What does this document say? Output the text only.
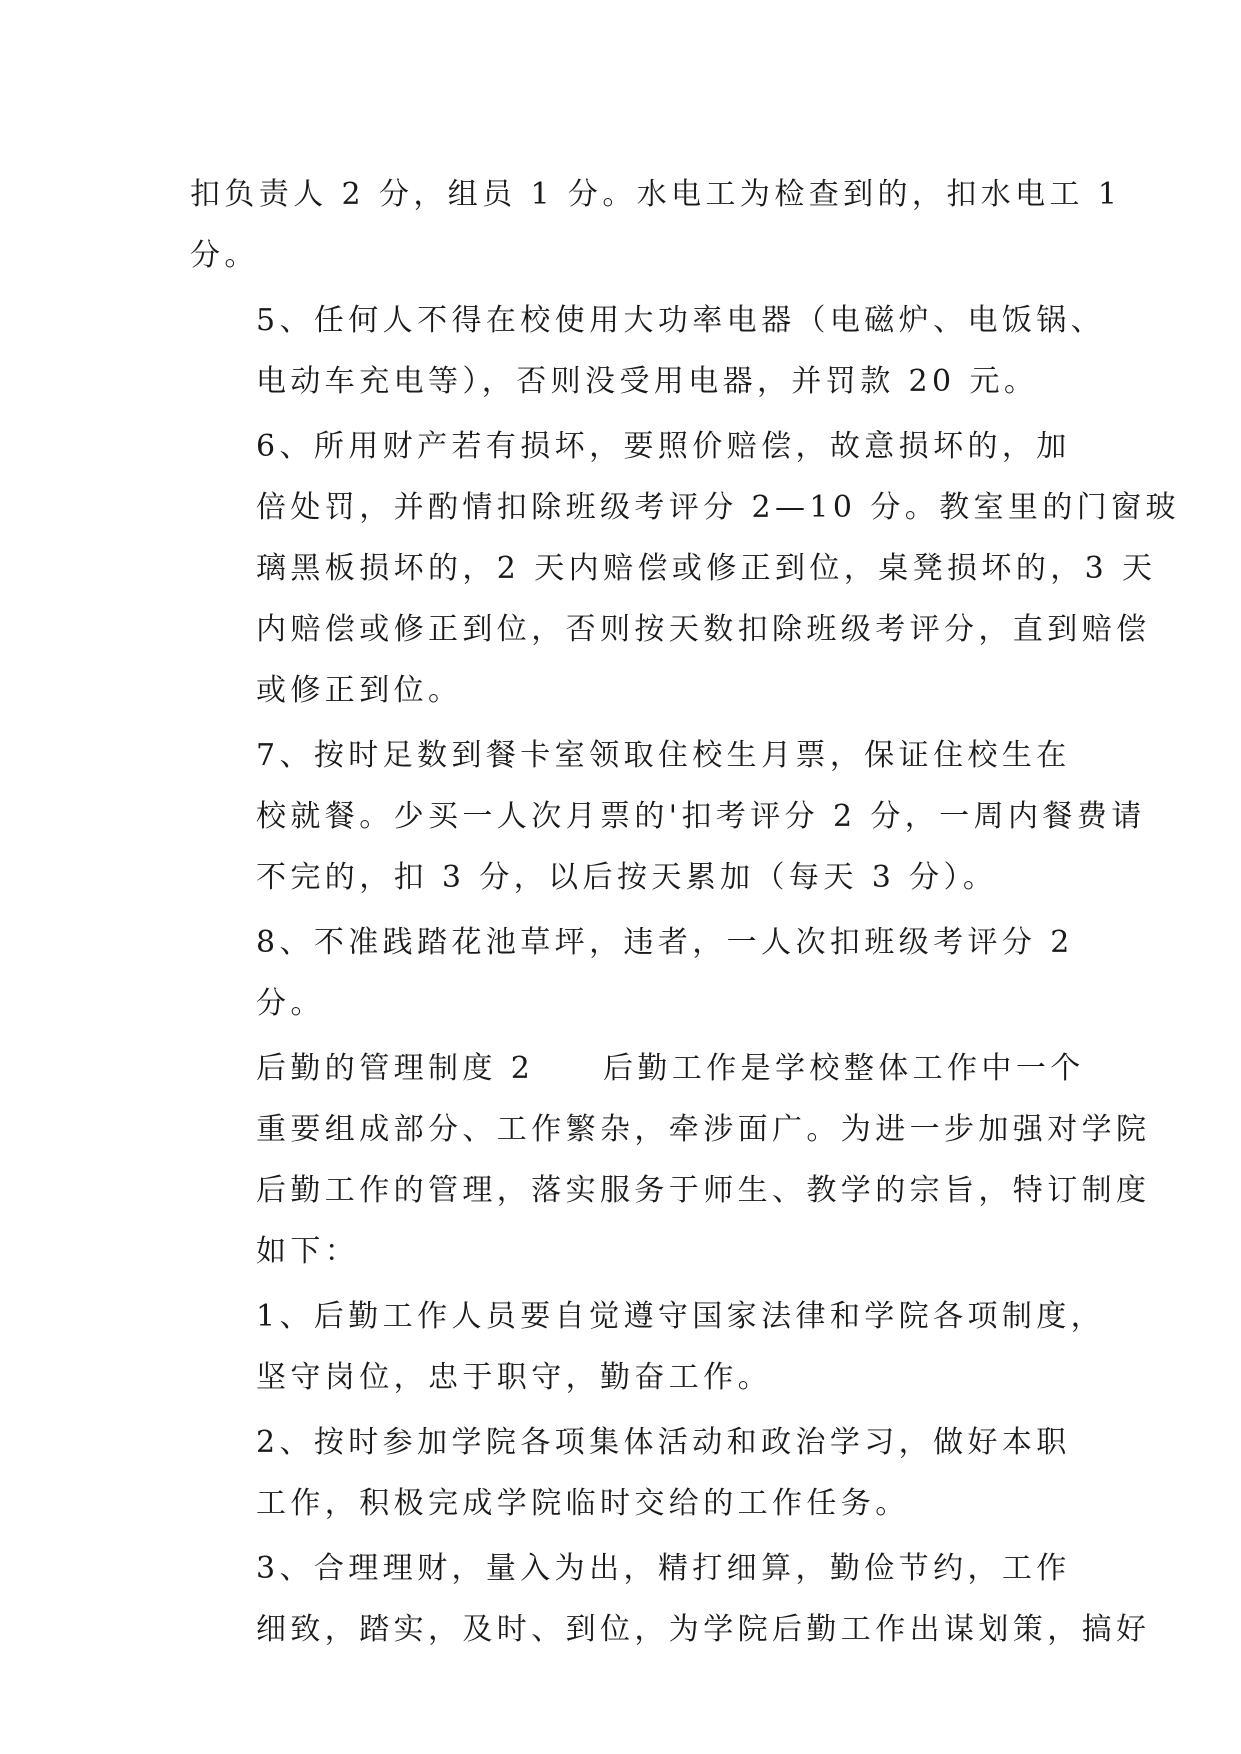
扣负责人 2 分，组员 1 分。水电工为检查到的，扣水电工 1
分。

5、任何人不得在校使用大功率电器（电磁炉、电饭锅、
电动车充电等），否则没受用电器，并罚款 20 元。

6、所用财产若有损坏，要照价赔偿，故意损坏的，加
倍处罚，并酌情扣除班级考评分 2—10 分。教室里的门窗玻
璃黑板损坏的，2 天内赔偿或修正到位，桌凳损坏的，3 天
内赔偿或修正到位，否则按天数扣除班级考评分，直到赔偿
或修正到位。

7、按时足数到餐卡室领取住校生月票，保证住校生在
校就餐。少买一人次月票的'扣考评分 2 分，一周内餐费请
不完的，扣 3 分，以后按天累加（每天 3 分）。

8、不准践踏花池草坪，违者，一人次扣班级考评分 2
分。

后勤的管理制度 2　　后勤工作是学校整体工作中一个
重要组成部分、工作繁杂，牵涉面广。为进一步加强对学院
后勤工作的管理，落实服务于师生、教学的宗旨，特订制度
如下：

1、后勤工作人员要自觉遵守国家法律和学院各项制度，
坚守岗位，忠于职守，勤奋工作。

2、按时参加学院各项集体活动和政治学习，做好本职
工作，积极完成学院临时交给的工作任务。

3、合理理财，量入为出，精打细算，勤俭节约，工作
细致，踏实，及时、到位，为学院后勤工作出谋划策，搞好
